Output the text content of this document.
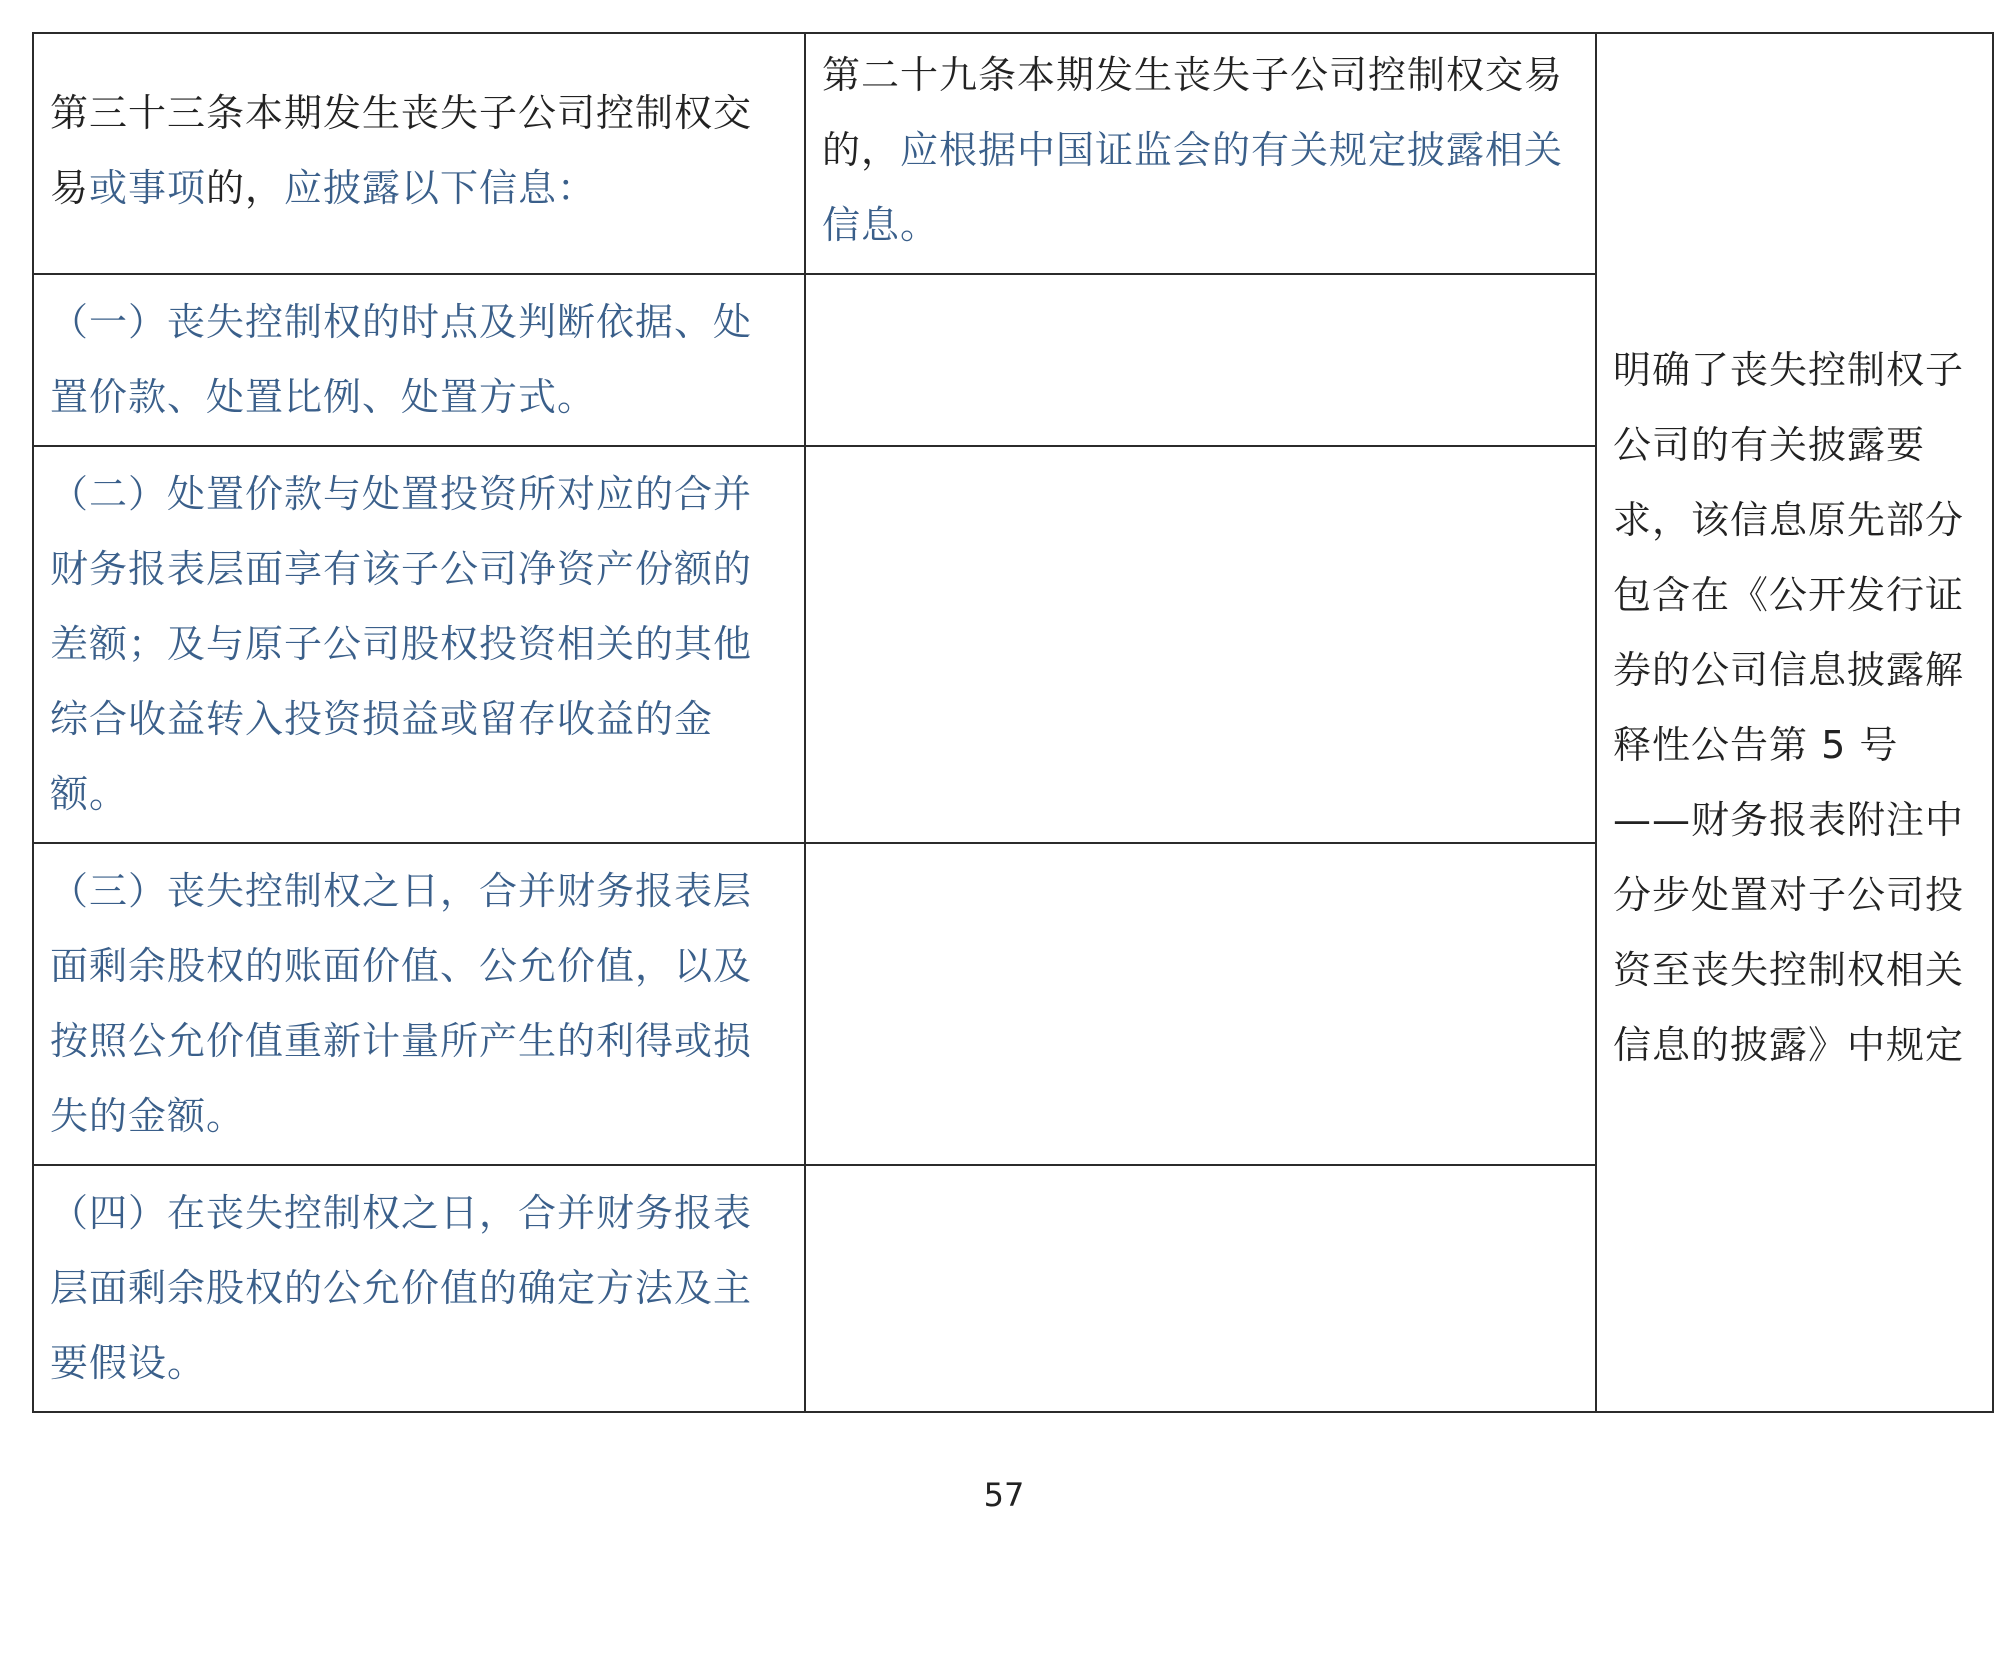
第三十三条本期发生丧失子公司控制权交易或事项的，应披露以下信息：	第二十九条本期发生丧失子公司控制权交易的，应根据中国证监会的有关规定披露相关信息。	明确了丧失控制权子公司的有关披露要求，该信息原先部分包含在《公开发行证券的公司信息披露解释性公告第 5 号——财务报表附注中分步处置对子公司投资至丧失控制权相关信息的披露》中规定
（一）丧失控制权的时点及判断依据、处置价款、处置比例、处置方式。		
（二）处置价款与处置投资所对应的合并财务报表层面享有该子公司净资产份额的差额；及与原子公司股权投资相关的其他综合收益转入投资损益或留存收益的金额。		
（三）丧失控制权之日，合并财务报表层面剩余股权的账面价值、公允价值，以及按照公允价值重新计量所产生的利得或损失的金额。		
（四）在丧失控制权之日，合并财务报表层面剩余股权的公允价值的确定方法及主要假设。		
57
